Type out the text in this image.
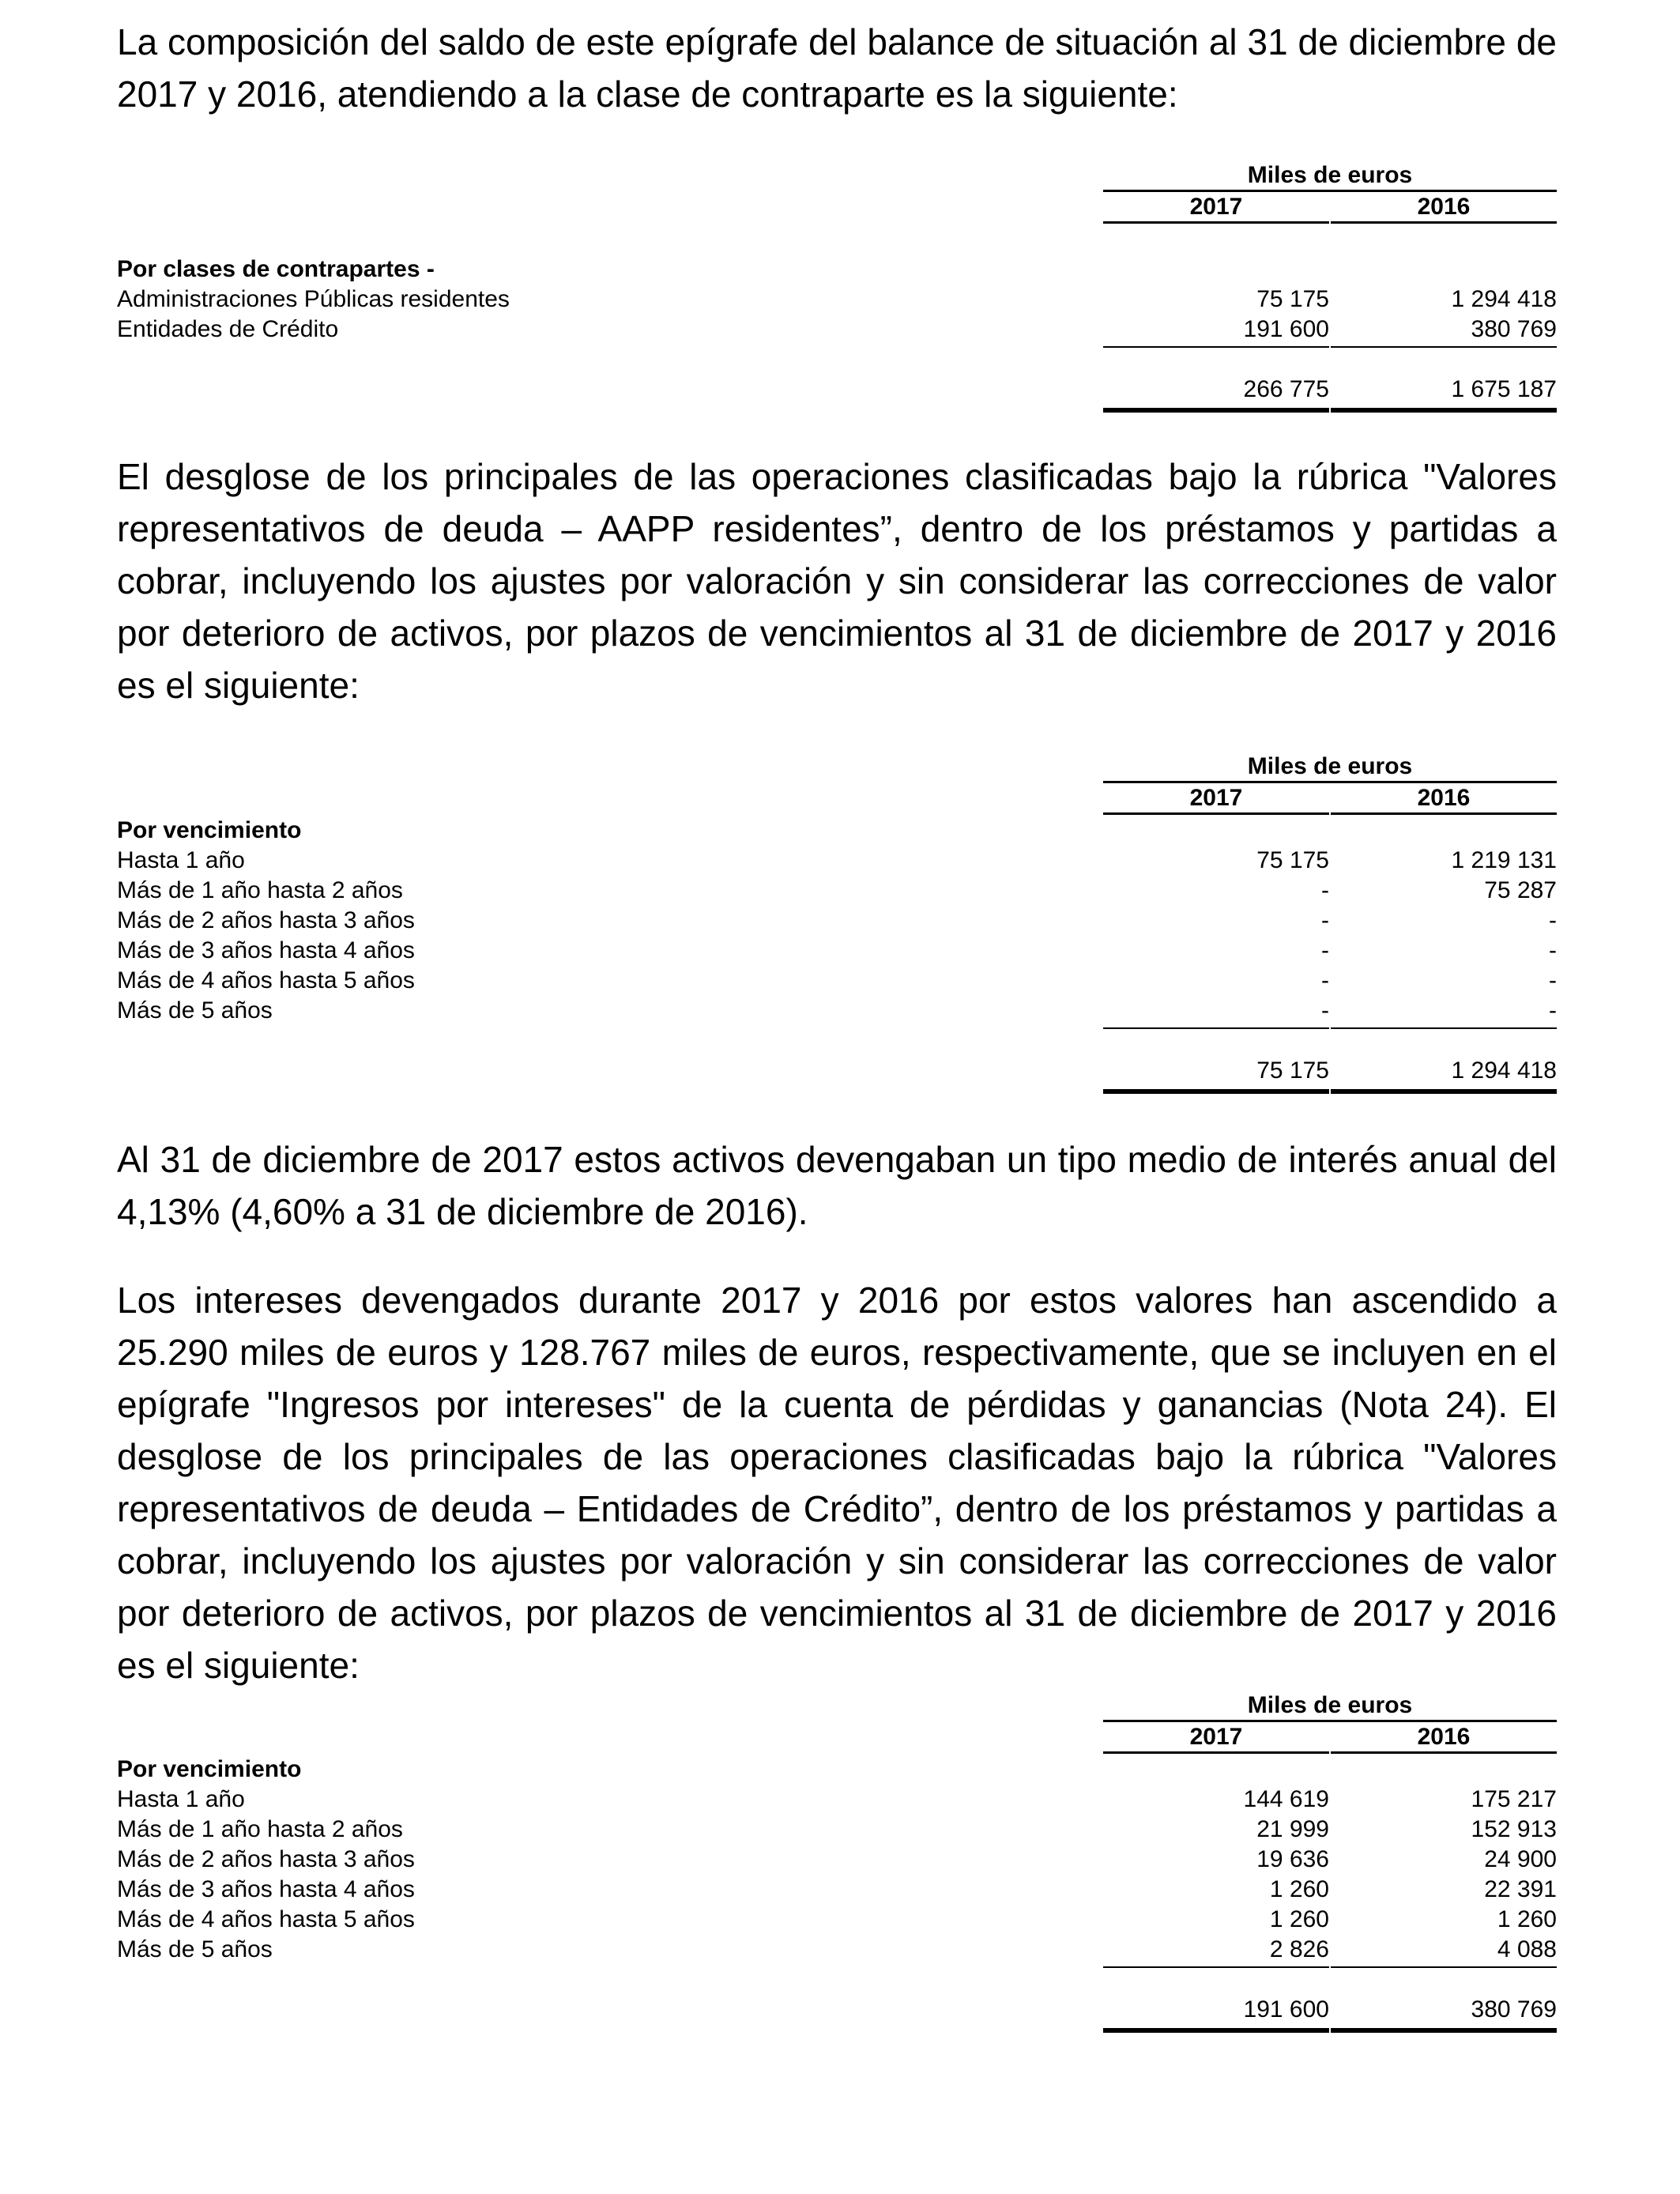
La composición del saldo de este epígrafe del balance de situación al 31 de diciembre de 2017 y 2016, atendiendo a la clase de contraparte es la siguiente:

Miles de euros
2017	2016
Por clases de contrapartes -
Administraciones Públicas residentes	75 175	1 294 418
Entidades de Crédito	191 600	380 769
266 775	1 675 187

El desglose de los principales de las operaciones clasificadas bajo la rúbrica "Valores representativos de deuda – AAPP residentes”, dentro de los préstamos y partidas a cobrar, incluyendo los ajustes por valoración y sin considerar las correcciones de valor por deterioro de activos, por plazos de vencimientos al 31 de diciembre de 2017 y 2016 es el siguiente:

Miles de euros
2017	2016
Por vencimiento
Hasta 1 año	75 175	1 219 131
Más de 1 año hasta 2 años	-	75 287
Más de 2 años hasta 3 años	-	-
Más de 3 años hasta 4 años	-	-
Más de 4 años hasta 5 años	-	-
Más de 5 años	-	-
75 175	1 294 418

Al 31 de diciembre de 2017 estos activos devengaban un tipo medio de interés anual del 4,13% (4,60% a 31 de diciembre de 2016).

Los intereses devengados durante 2017 y 2016 por estos valores han ascendido a 25.290 miles de euros y 128.767 miles de euros, respectivamente, que se incluyen en el epígrafe "Ingresos por intereses" de la cuenta de pérdidas y ganancias (Nota 24). El desglose de los principales de las operaciones clasificadas bajo la rúbrica "Valores representativos de deuda – Entidades de Crédito”, dentro de los préstamos y partidas a cobrar, incluyendo los ajustes por valoración y sin considerar las correcciones de valor por deterioro de activos, por plazos de vencimientos al 31 de diciembre de 2017 y 2016 es el siguiente:

Miles de euros
2017	2016
Por vencimiento
Hasta 1 año	144 619	175 217
Más de 1 año hasta 2 años	21 999	152 913
Más de 2 años hasta 3 años	19 636	24 900
Más de 3 años hasta 4 años	1 260	22 391
Más de 4 años hasta 5 años	1 260	1 260
Más de 5 años	2 826	4 088
191 600	380 769
